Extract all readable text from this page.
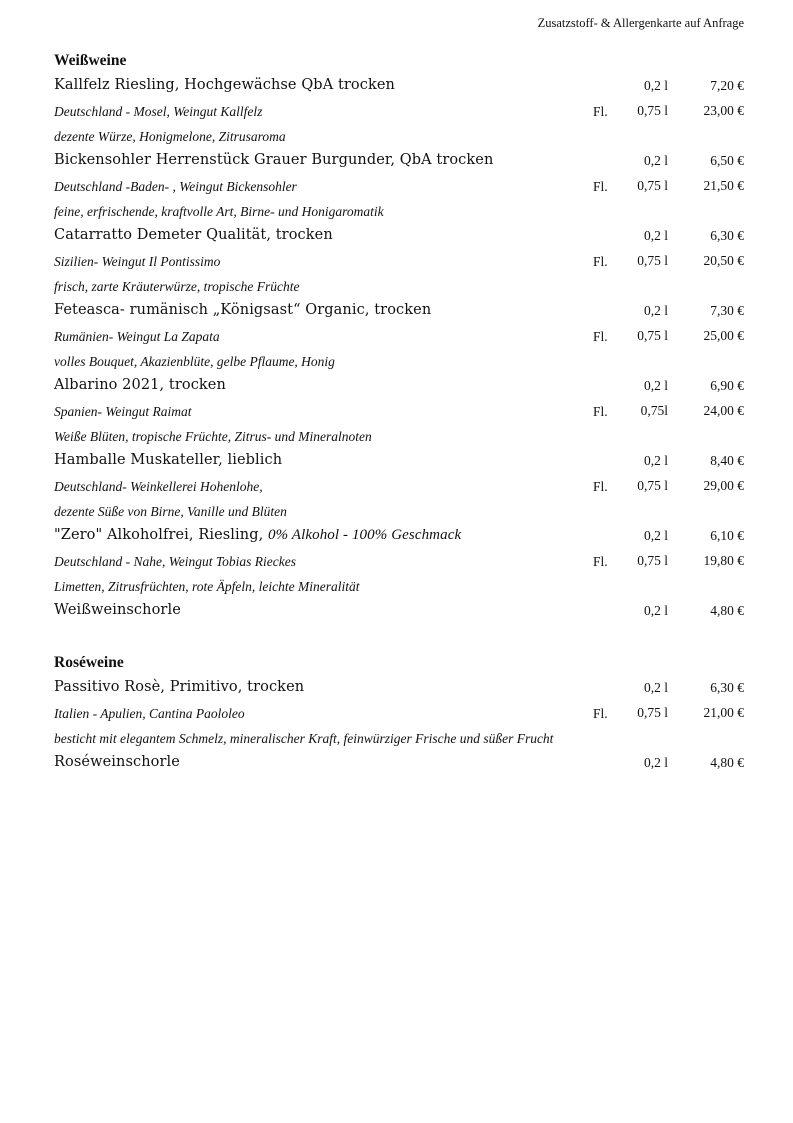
Zusatzstoff- & Allergenkarte auf Anfrage
Weißweine
Kallfelz Riesling, Hochgewächse QbA trocken	0,2 l	7,20 €
Deutschland - Mosel, Weingut Kallfelz	Fl. 0,75 l	23,00 €
dezente Würze, Honigmelone, Zitrusaroma
Bickensohler Herrenstück Grauer Burgunder, QbA trocken	0,2 l	6,50 €
Deutschland -Baden- , Weingut Bickensohler	Fl. 0,75 l	21,50 €
feine, erfrischende, kraftvolle Art, Birne- und Honigaromatik
Catarratto Demeter Qualität, trocken	0,2 l	6,30 €
Sizilien- Weingut Il Pontissimo	Fl. 0,75 l	20,50 €
frisch, zarte Kräuterwürze, tropische Früchte
Feteasca- rumänisch „Königsast“ Organic, trocken	0,2 l	7,30 €
Rumänien- Weingut La Zapata	Fl. 0,75 l	25,00 €
volles Bouquet, Akazienblüte, gelbe Pflaume, Honig
Albarino 2021, trocken	0,2 l	6,90 €
Spanien- Weingut Raimat	Fl. 0,75l	24,00 €
Weiße Blüten, tropische Früchte, Zitrus- und Mineralnoten
Hamballe Muskateller, lieblich	0,2 l	8,40 €
Deutschland- Weinkellerei Hohenlohe,	Fl. 0,75 l	29,00 €
dezente Süße von Birne, Vanille und Blüten
"Zero" Alkoholfrei, Riesling, 0% Alkohol - 100% Geschmack	0,2 l	6,10 €
Deutschland - Nahe, Weingut Tobias Rieckes	Fl. 0,75 l	19,80 €
Limetten, Zitrusfrüchten, rote Äpfeln, leichte Mineralität
Weißweinschorle	0,2 l	4,80 €
Roséweine
Passitivo Rosè, Primitivo, trocken	0,2 l	6,30 €
Italien - Apulien, Cantina Paololeo	Fl. 0,75 l	21,00 €
besticht mit elegantem Schmelz, mineralischer Kraft, feinwürziger Frische und süßer Frucht
Roséweinschorle	0,2 l	4,80 €
